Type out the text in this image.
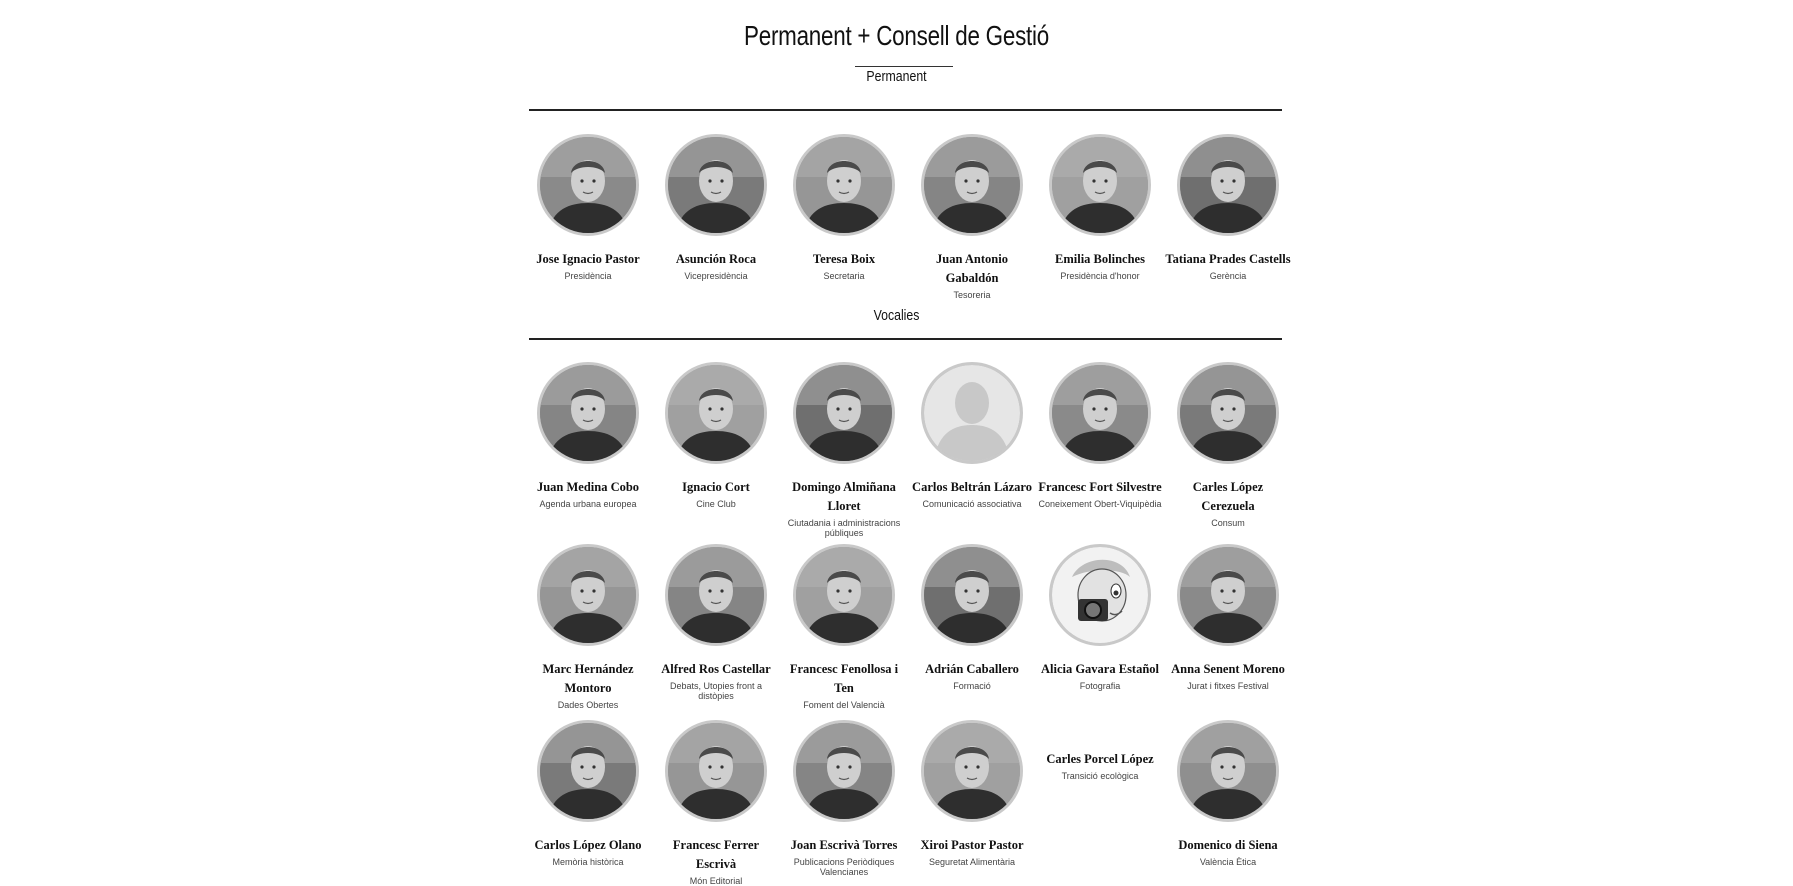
Permanent + Consell de Gestió
Permanent
Vocalies
Jose Ignacio Pastor
Presidència
Asunción Roca
Vicepresidència
Teresa Boix
Secretaria
Juan Antonio Gabaldón
Tesoreria
Emilia Bolinches
Presidència d'honor
Tatiana Prades Castells
Gerència
Juan Medina Cobo
Agenda urbana europea
Ignacio Cort
Cine Club
Domingo Almiñana Lloret
Ciutadania i administracions públiques
Carlos Beltrán Lázaro
Comunicació associativa
Francesc Fort Silvestre
Coneixement Obert-Viquipèdia
Carles López Cerezuela
Consum
Marc Hernández Montoro
Dades Obertes
Alfred Ros Castellar
Debats, Utopies front a distòpies
Francesc Fenollosa i Ten
Foment del Valencià
Adrián Caballero
Formació
Alicia Gavara Estañol
Fotografia
Anna Senent Moreno
Jurat i fitxes Festival
Carlos López Olano
Memòria històrica
Francesc Ferrer Escrivà
Món Editorial
Joan Escrivà Torres
Publicacions Periòdiques Valencianes
Xiroi Pastor Pastor
Seguretat Alimentària
Carles Porcel López
Transició ecològica
Domenico di Siena
València Ètica
